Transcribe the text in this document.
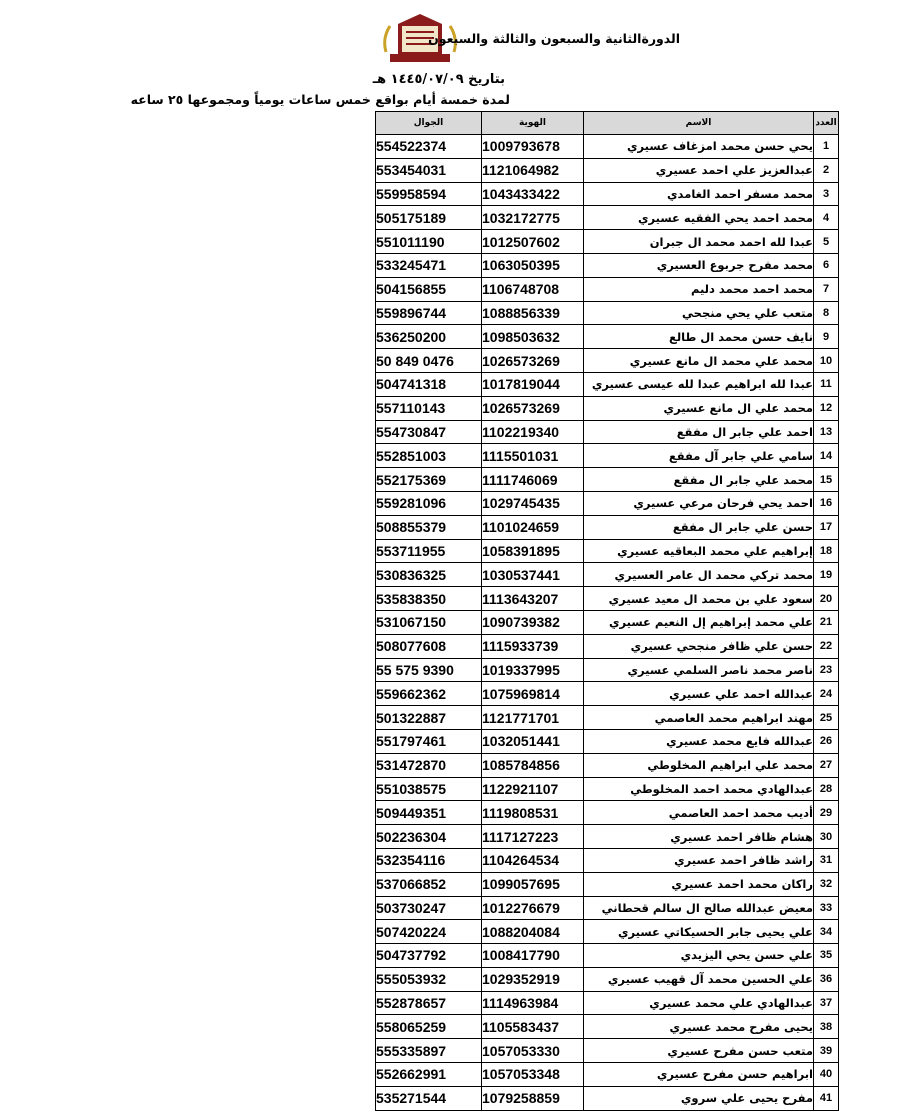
الدورةالثانية والسبعون والثالثة والسبعون
بتاريخ ١٤٤٥/٠٧/٠٩ هـ
لمدة خمسة أيام بواقع خمس ساعات يومياً ومجموعها ٢٥ ساعه
الجوال	الهوية	الاسم	العدد
554522374	1009793678	يحي حسن محمد امزغاف عسيري	1
553454031	1121064982	عبدالعزيز علي احمد عسيري	2
559958594	1043433422	محمد مسفر احمد الغامدي	3
505175189	1032172775	محمد احمد يحي الفقيه عسيري	4
551011190	1012507602	عبدا لله احمد محمد ال جبران	5
533245471	1063050395	محمد مفرح جربوع العسيري	6
504156855	1106748708	محمد احمد محمد دليم	7
559896744	1088856339	متعب علي يحي منجحي	8
536250200	1098503632	نايف حسن محمد ال طالع	9
50 849 0476	1026573269	محمد علي محمد ال مانع عسيري	10
504741318	1017819044	عبدا لله ابراهيم عبدا لله عيسى عسيري	11
557110143	1026573269	محمد علي ال مانع عسيري	12
554730847	1102219340	احمد علي جابر ال مفقع	13
552851003	1115501031	سامي علي جابر آل مفقع	14
552175369	1111746069	محمد علي جابر ال مفقع	15
559281096	1029745435	احمد يحي فرحان مرعي عسيري	16
508855379	1101024659	حسن علي جابر ال مفقع	17
553711955	1058391895	إبراهيم علي محمد البعاقيه عسيري	18
530836325	1030537441	محمد تركي محمد ال عامر العسيري	19
535838350	1113643207	سعود علي بن محمد ال معيد عسيري	20
531067150	1090739382	علي محمد إبراهيم إل النعيم عسيري	21
508077608	1115933739	حسن علي ظافر منجحي عسيري	22
55 575 9390	1019337995	ناصر محمد ناصر السلمي عسيري	23
559662362	1075969814	عبدالله احمد علي عسيري	24
501322887	1121771701	مهند ابراهيم محمد العاصمي	25
551797461	1032051441	عبدالله فايع محمد عسيري	26
531472870	1085784856	محمد علي ابراهيم المخلوطي	27
551038575	1122921107	عبدالهادي محمد احمد المخلوطي	28
509449351	1119808531	أديب محمد احمد العاصمي	29
502236304	1117127223	هشام ظافر احمد عسيري	30
532354116	1104264534	راشد ظافر احمد عسيري	31
537066852	1099057695	راكان محمد احمد عسيري	32
503730247	1012276679	معيض عبدالله صالح ال سالم قحطاني	33
507420224	1088204084	علي يحيى جابر الحسيكاتي عسيري	34
504737792	1008417790	علي حسن يحي اليزيدي	35
555053932	1029352919	علي الحسين محمد آل قهيب عسيري	36
552878657	1114963984	عبدالهادي علي محمد عسيري	37
558065259	1105583437	يحيى مفرح محمد عسيري	38
555335897	1057053330	متعب حسن مفرح عسيري	39
552662991	1057053348	ابراهيم حسن مفرح عسيري	40
535271544	1079258859	مفرح يحيى علي سروي	41
